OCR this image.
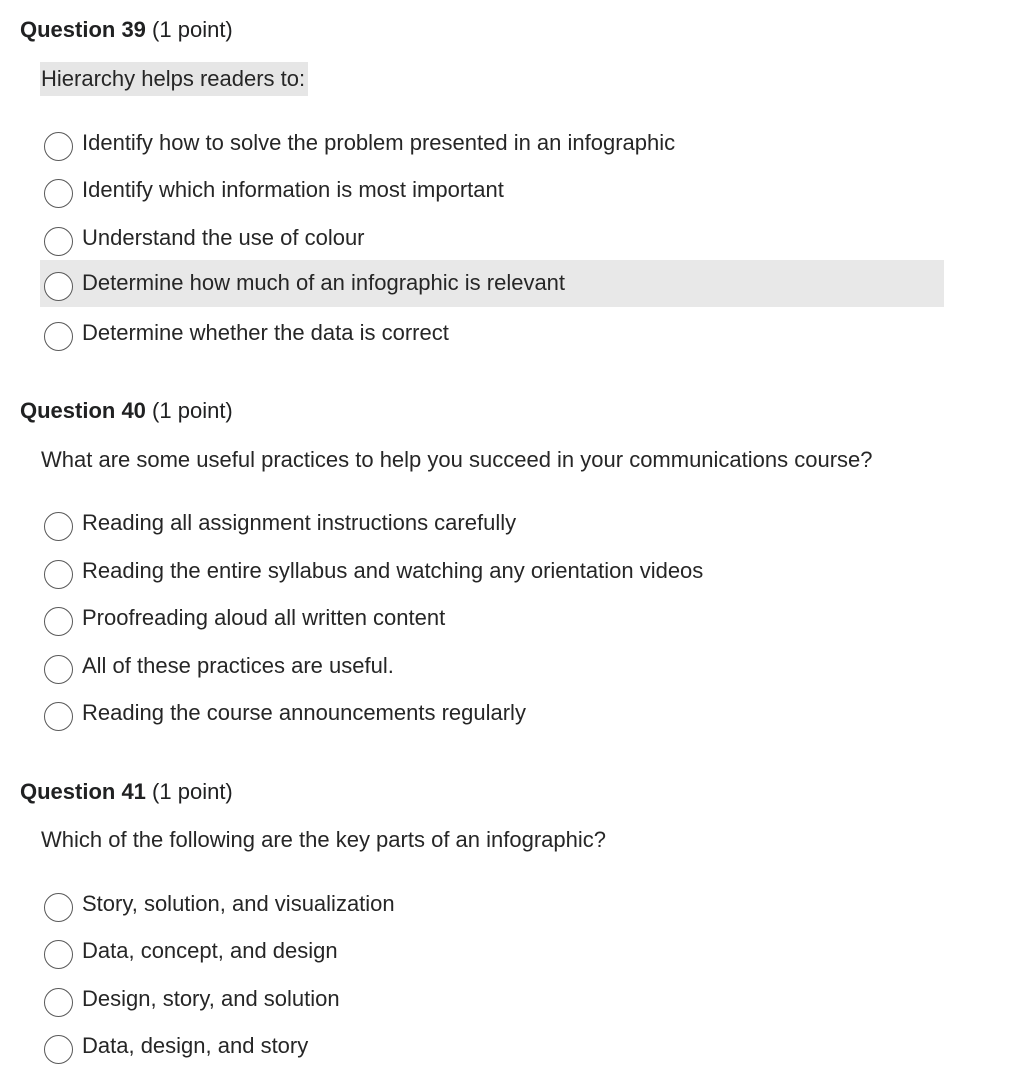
Question 39 (1 point)
Hierarchy helps readers to:
Identify how to solve the problem presented in an infographic
Identify which information is most important
Understand the use of colour
Determine how much of an infographic is relevant
Determine whether the data is correct
Question 40 (1 point)
What are some useful practices to help you succeed in your communications course?
Reading all assignment instructions carefully
Reading the entire syllabus and watching any orientation videos
Proofreading aloud all written content
All of these practices are useful.
Reading the course announcements regularly
Question 41 (1 point)
Which of the following are the key parts of an infographic?
Story, solution, and visualization
Data, concept, and design
Design, story, and solution
Data, design, and story
